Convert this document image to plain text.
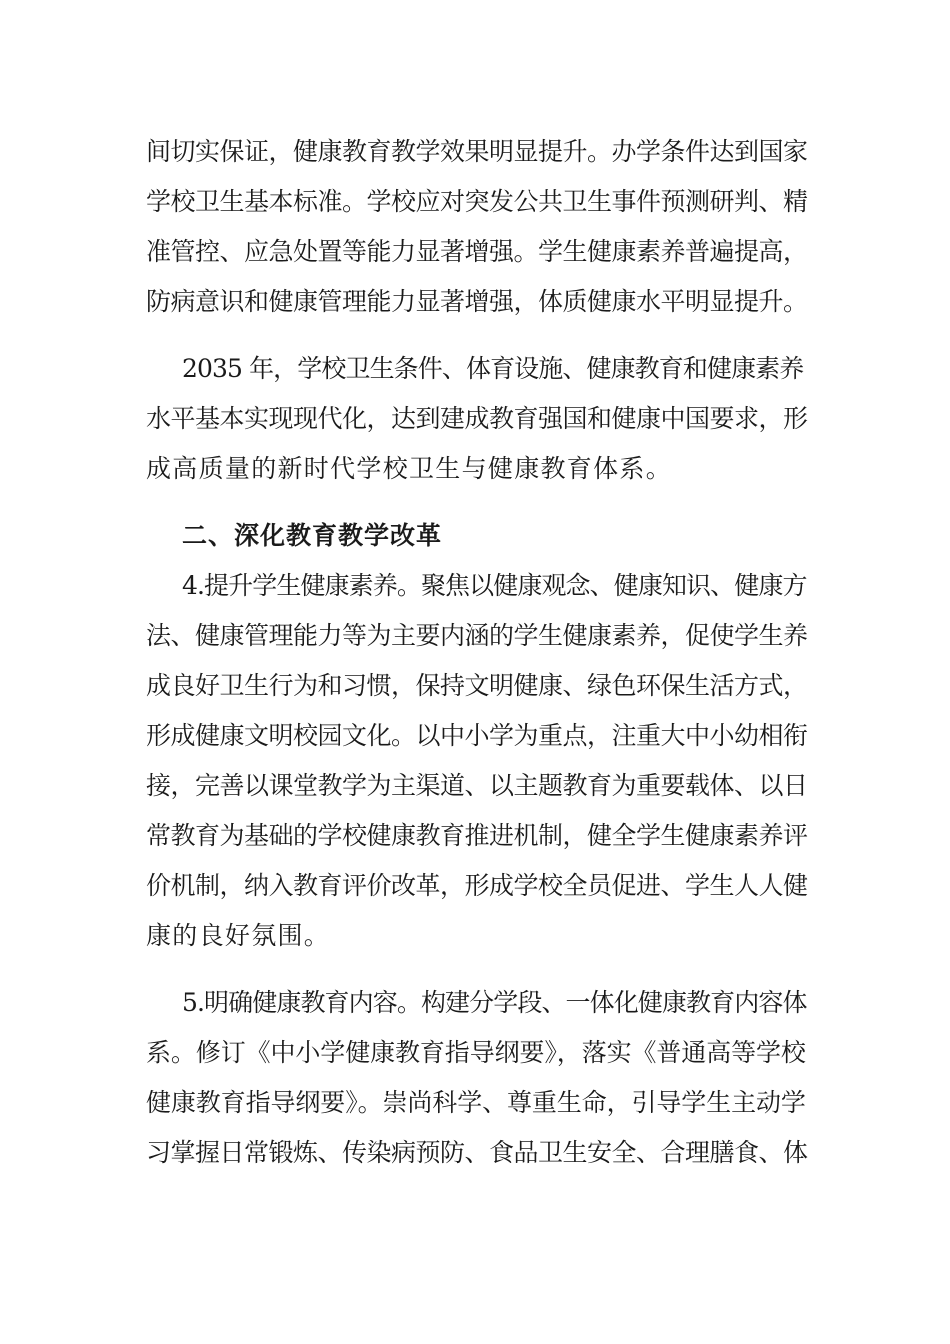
间切实保证，健康教育教学效果明显提升。办学条件达到国家
学校卫生基本标准。学校应对突发公共卫生事件预测研判、精
准管控、应急处置等能力显著增强。学生健康素养普遍提高，
防病意识和健康管理能力显著增强，体质健康水平明显提升。
2035 年，学校卫生条件、体育设施、健康教育和健康素养
水平基本实现现代化，达到建成教育强国和健康中国要求，形
成高质量的新时代学校卫生与健康教育体系。
二、深化教育教学改革
4.提升学生健康素养。聚焦以健康观念、健康知识、健康方
法、健康管理能力等为主要内涵的学生健康素养，促使学生养
成良好卫生行为和习惯，保持文明健康、绿色环保生活方式，
形成健康文明校园文化。以中小学为重点，注重大中小幼相衔
接，完善以课堂教学为主渠道、以主题教育为重要载体、以日
常教育为基础的学校健康教育推进机制，健全学生健康素养评
价机制，纳入教育评价改革，形成学校全员促进、学生人人健
康的良好氛围。
5.明确健康教育内容。构建分学段、一体化健康教育内容体
系。修订《中小学健康教育指导纲要》，落实《普通高等学校
健康教育指导纲要》。崇尚科学、尊重生命，引导学生主动学
习掌握日常锻炼、传染病预防、食品卫生安全、合理膳食、体
